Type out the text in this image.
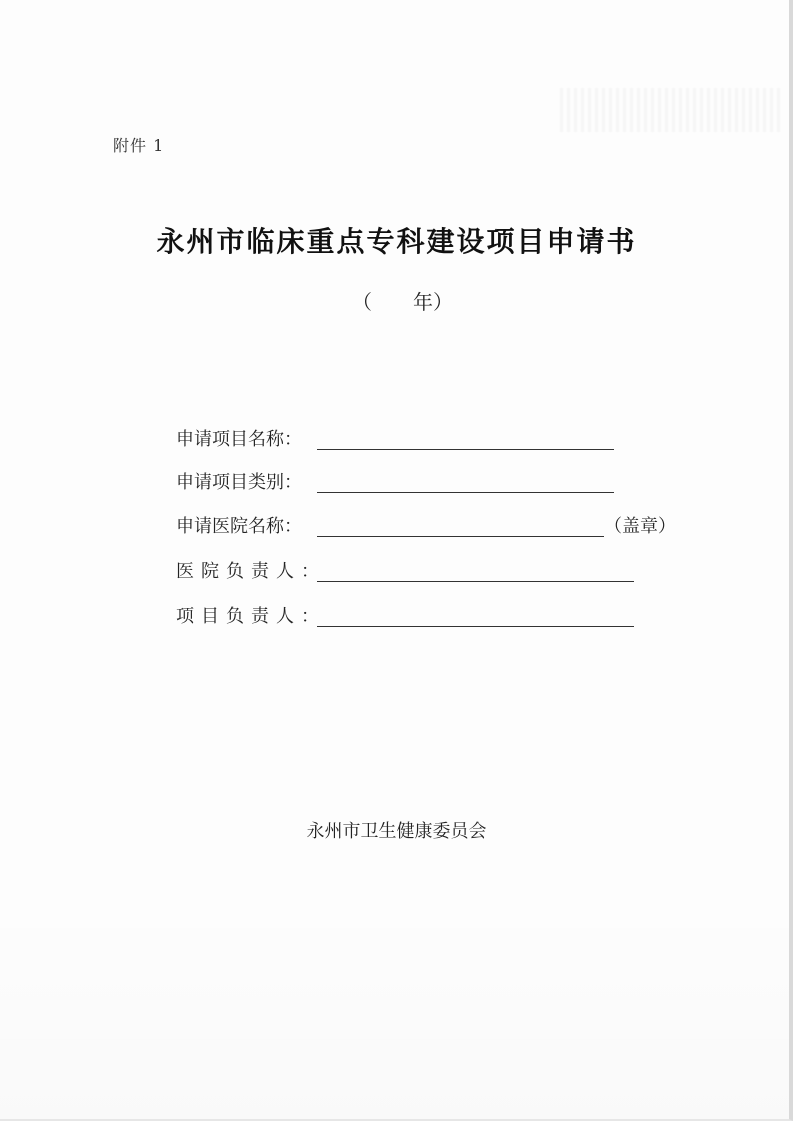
附件 1
永州市临床重点专科建设项目申请书
（ 年）
申请项目名称：
申请项目类别：
申请医院名称：	（盖章）
医院负责人：
项目负责人：
永州市卫生健康委员会
